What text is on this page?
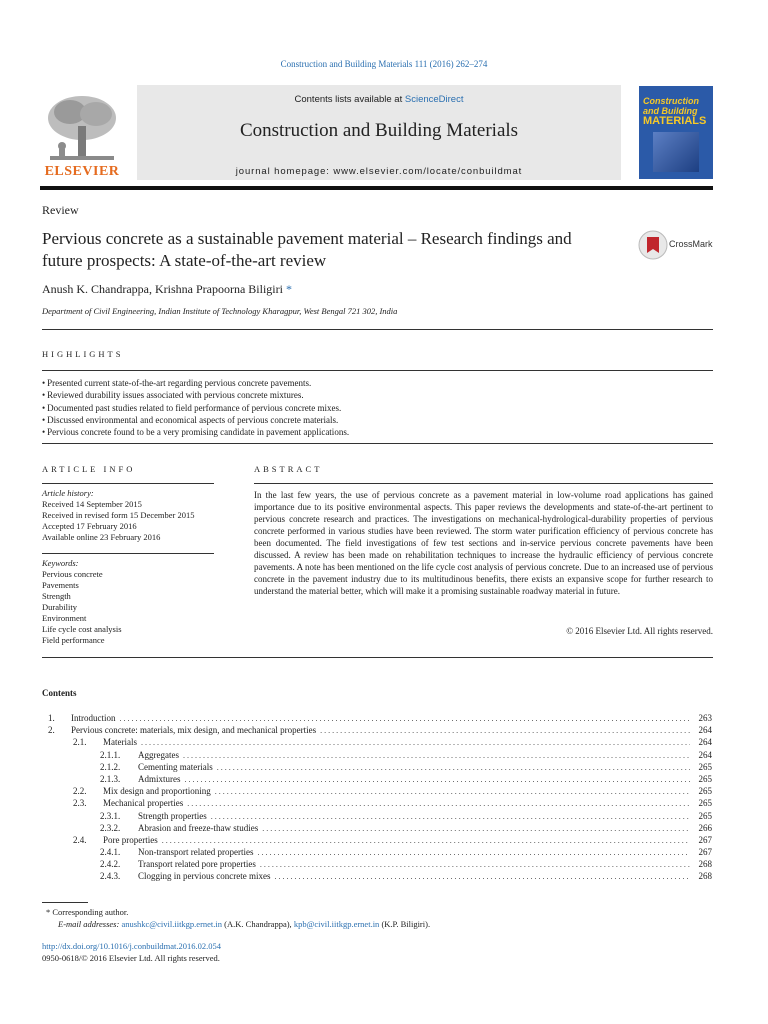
Construction and Building Materials 111 (2016) 262–274
Contents lists available at ScienceDirect
Construction and Building Materials
journal homepage: www.elsevier.com/locate/conbuildmat
ELSEVIER
Construction
and Building
MATERIALS
Review
Pervious concrete as a sustainable pavement material – Research findings and future prospects: A state-of-the-art review
CrossMark
Anush K. Chandrappa, Krishna Prapoorna Biligiri *
Department of Civil Engineering, Indian Institute of Technology Kharagpur, West Bengal 721 302, India
HIGHLIGHTS
• Presented current state-of-the-art regarding pervious concrete pavements.
• Reviewed durability issues associated with pervious concrete mixtures.
• Documented past studies related to field performance of pervious concrete mixes.
• Discussed environmental and economical aspects of pervious concrete materials.
• Pervious concrete found to be a very promising candidate in pavement applications.
ARTICLE INFO
Article history:
Received 14 September 2015
Received in revised form 15 December 2015
Accepted 17 February 2016
Available online 23 February 2016
Keywords:
Pervious concrete
Pavements
Strength
Durability
Environment
Life cycle cost analysis
Field performance
ABSTRACT
In the last few years, the use of pervious concrete as a pavement material in low-volume road applications has gained importance due to its positive environmental aspects. This paper reviews the developments and state-of-the-art pertinent to pervious concrete research and practices. The investigations on mechanical-hydrological-durability properties of pervious concrete performed in various studies have been reviewed. The storm water purification efficiency of pervious concrete has been documented. The field investigations of few test sections and in-service pervious concrete pavements have been discussed. A review has been made on rehabilitation techniques to increase the hydraulic efficiency of pervious concrete pavements. A note has been mentioned on the life cycle cost analysis of pervious concrete. Due to an increased use of pervious concrete in the pavement industry due to its multitudinous benefits, there exists an expansive scope for further research to understand the material better, which will make it a promising sustainable roadway material in future.
© 2016 Elsevier Ltd. All rights reserved.
Contents
1.	Introduction . . .	263
2.	Pervious concrete: materials, mix design, and mechanical properties . . .	264
2.1.	Materials . . .	264
2.1.1.	Aggregates . . .	264
2.1.2.	Cementing materials . . .	265
2.1.3.	Admixtures . . .	265
2.2.	Mix design and proportioning . . .	265
2.3.	Mechanical properties . . .	265
2.3.1.	Strength properties . . .	265
2.3.2.	Abrasion and freeze-thaw studies . . .	266
2.4.	Pore properties . . .	267
2.4.1.	Non-transport related properties . . .	267
2.4.2.	Transport related pore properties . . .	268
2.4.3.	Clogging in pervious concrete mixes . . .	268
* Corresponding author.
E-mail addresses: anushkc@civil.iitkgp.ernet.in (A.K. Chandrappa), kpb@civil.iitkgp.ernet.in (K.P. Biligiri).
http://dx.doi.org/10.1016/j.conbuildmat.2016.02.054
0950-0618/© 2016 Elsevier Ltd. All rights reserved.
